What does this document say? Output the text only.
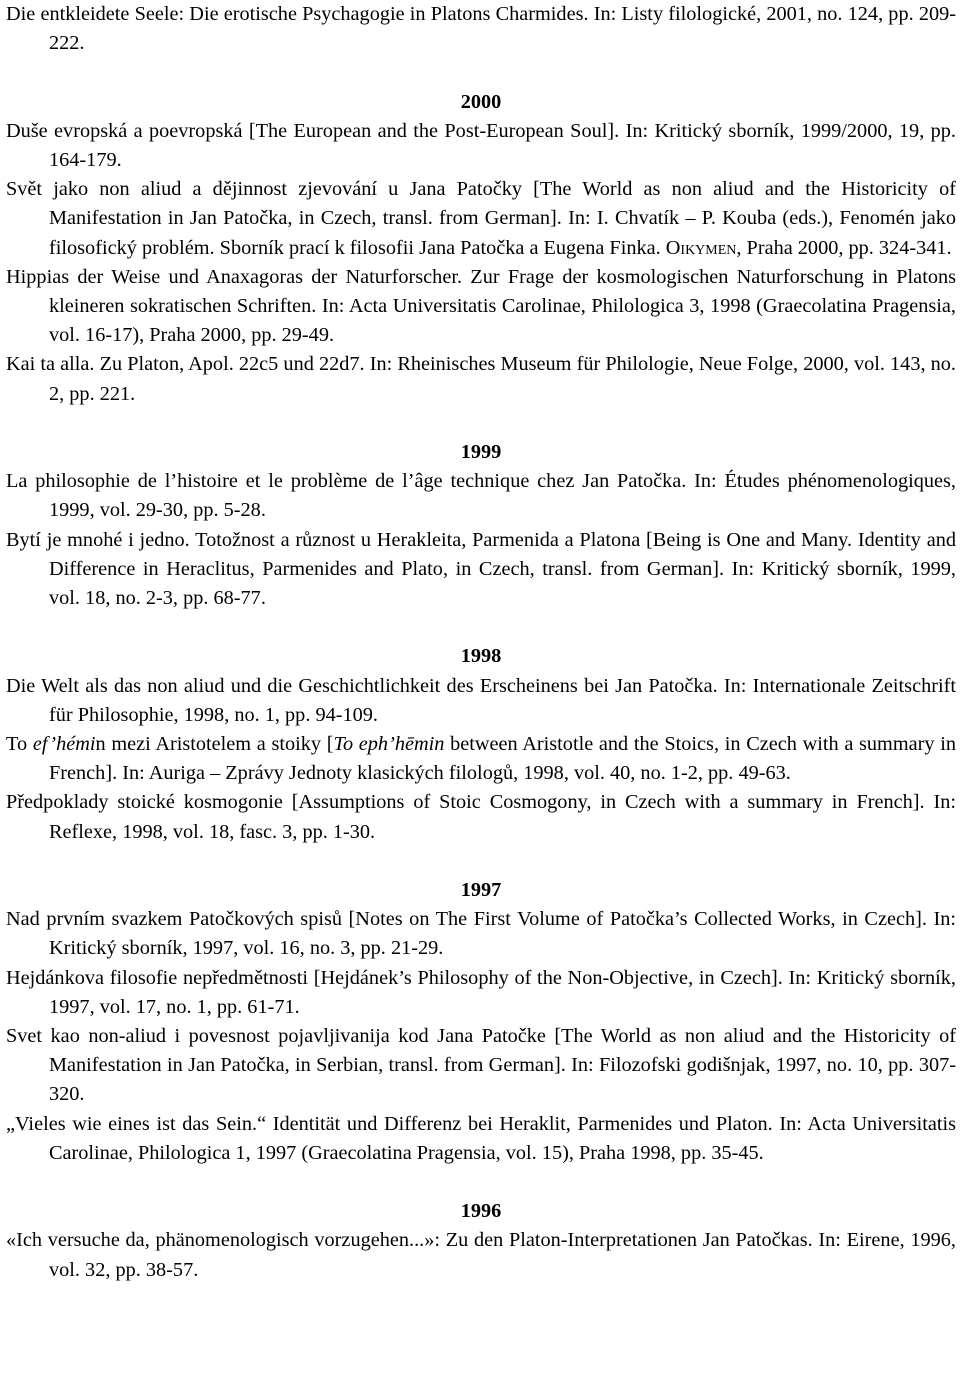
Die entkleidete Seele: Die erotische Psychagogie in Platons Charmides. In: Listy filologické, 2001, no. 124, pp. 209-222.

2000

Duše evropská a poevropská [The European and the Post-European Soul]. In: Kritický sborník, 1999/2000, 19, pp. 164-179.

Svět jako non aliud a dějinnost zjevování u Jana Patočky [The World as non aliud and the Historicity of Manifestation in Jan Patočka, in Czech, transl. from German]. In: I. Chvatík – P. Kouba (eds.), Fenomén jako filosofický problém. Sborník prací k filosofii Jana Patočka a Eugena Finka. Oikymen, Praha 2000, pp. 324-341.

Hippias der Weise und Anaxagoras der Naturforscher. Zur Frage der kosmologischen Naturforschung in Platons kleineren sokratischen Schriften. In: Acta Universitatis Carolinae, Philologica 3, 1998 (Graecolatina Pragensia, vol. 16-17), Praha 2000, pp. 29-49.

Kai ta alla. Zu Platon, Apol. 22c5 und 22d7. In: Rheinisches Museum für Philologie, Neue Folge, 2000, vol. 143, no. 2, pp. 221.

1999

La philosophie de l’histoire et le problème de l’âge technique chez Jan Patočka. In: Études phénomenologiques, 1999, vol. 29-30, pp. 5-28.

Bytí je mnohé i jedno. Totožnost a různost u Herakleita, Parmenida a Platona [Being is One and Many. Identity and Difference in Heraclitus, Parmenides and Plato, in Czech, transl. from German]. In: Kritický sborník, 1999, vol. 18, no. 2-3, pp. 68-77.

1998

Die Welt als das non aliud und die Geschichtlichkeit des Erscheinens bei Jan Patočka. In: Internationale Zeitschrift für Philosophie, 1998, no. 1, pp. 94-109.

To ef’hémin mezi Aristotelem a stoiky [To eph’hēmin between Aristotle and the Stoics, in Czech with a summary in French]. In: Auriga – Zprávy Jednoty klasických filologů, 1998, vol. 40, no. 1-2, pp. 49-63.

Předpoklady stoické kosmogonie [Assumptions of Stoic Cosmogony, in Czech with a summary in French]. In: Reflexe, 1998, vol. 18, fasc. 3, pp. 1-30.

1997

Nad prvním svazkem Patočkových spisů [Notes on The First Volume of Patočka’s Collected Works, in Czech]. In: Kritický sborník, 1997, vol. 16, no. 3, pp. 21-29.

Hejdánkova filosofie nepředmětnosti [Hejdánek’s Philosophy of the Non-Objective, in Czech]. In: Kritický sborník, 1997, vol. 17, no. 1, pp. 61-71.

Svet kao non-aliud i povesnost pojavljivanija kod Jana Patočke [The World as non aliud and the Historicity of Manifestation in Jan Patočka, in Serbian, transl. from German]. In: Filozofski godišnjak, 1997, no. 10, pp. 307-320.

„Vieles wie eines ist das Sein.“ Identität und Differenz bei Heraklit, Parmenides und Platon. In: Acta Universitatis Carolinae, Philologica 1, 1997 (Graecolatina Pragensia, vol. 15), Praha 1998, pp. 35-45.

1996

«Ich versuche da, phänomenologisch vorzugehen...»: Zu den Platon-Interpretationen Jan Patočkas. In: Eirene, 1996, vol. 32, pp. 38-57.
